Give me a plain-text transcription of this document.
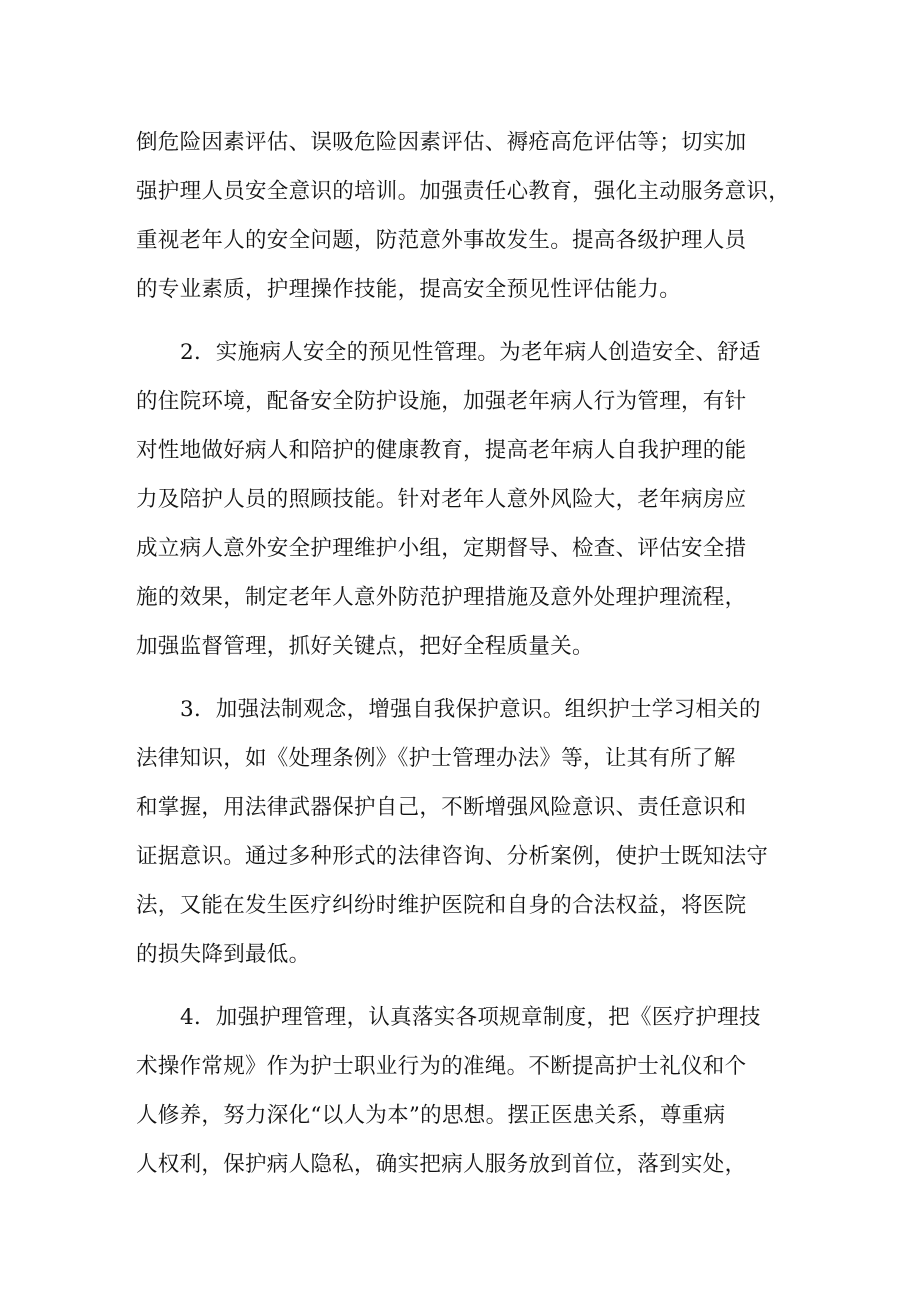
倒危险因素评估、误吸危险因素评估、褥疮高危评估等；切实加
强护理人员安全意识的培训。加强责任心教育，强化主动服务意识，
重视老年人的安全问题，防范意外事故发生。提高各级护理人员
的专业素质，护理操作技能，提高安全预见性评估能力。
2．实施病人安全的预见性管理。为老年病人创造安全、舒适
的住院环境，配备安全防护设施，加强老年病人行为管理，有针
对性地做好病人和陪护的健康教育，提高老年病人自我护理的能
力及陪护人员的照顾技能。针对老年人意外风险大，老年病房应
成立病人意外安全护理维护小组，定期督导、检查、评估安全措
施的效果，制定老年人意外防范护理措施及意外处理护理流程，
加强监督管理，抓好关键点，把好全程质量关。
3．加强法制观念，增强自我保护意识。组织护士学习相关的
法律知识，如《处理条例》《护士管理办法》等，让其有所了解
和掌握，用法律武器保护自己，不断增强风险意识、责任意识和
证据意识。通过多种形式的法律咨询、分析案例，使护士既知法守
法，又能在发生医疗纠纷时维护医院和自身的合法权益，将医院
的损失降到最低。
4．加强护理管理，认真落实各项规章制度，把《医疗护理技
术操作常规》作为护士职业行为的准绳。不断提高护士礼仪和个
人修养，努力深化“以人为本”的思想。摆正医患关系，尊重病
人权利，保护病人隐私，确实把病人服务放到首位，落到实处，
